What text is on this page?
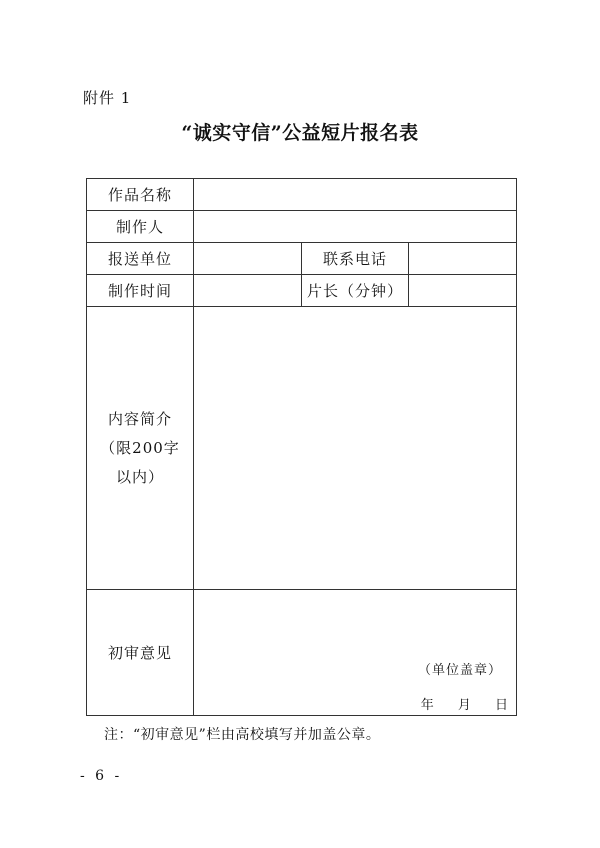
附件 1
“诚实守信”公益短片报名表
作品名称			
制作人			
报送单位		联系电话	
制作时间		片长（分钟）	

内容简介
（限200字
以内）			

初审意见	（单位盖章）
年 月 日		
注：“初审意见”栏由高校填写并加盖公章。
- 6 -
